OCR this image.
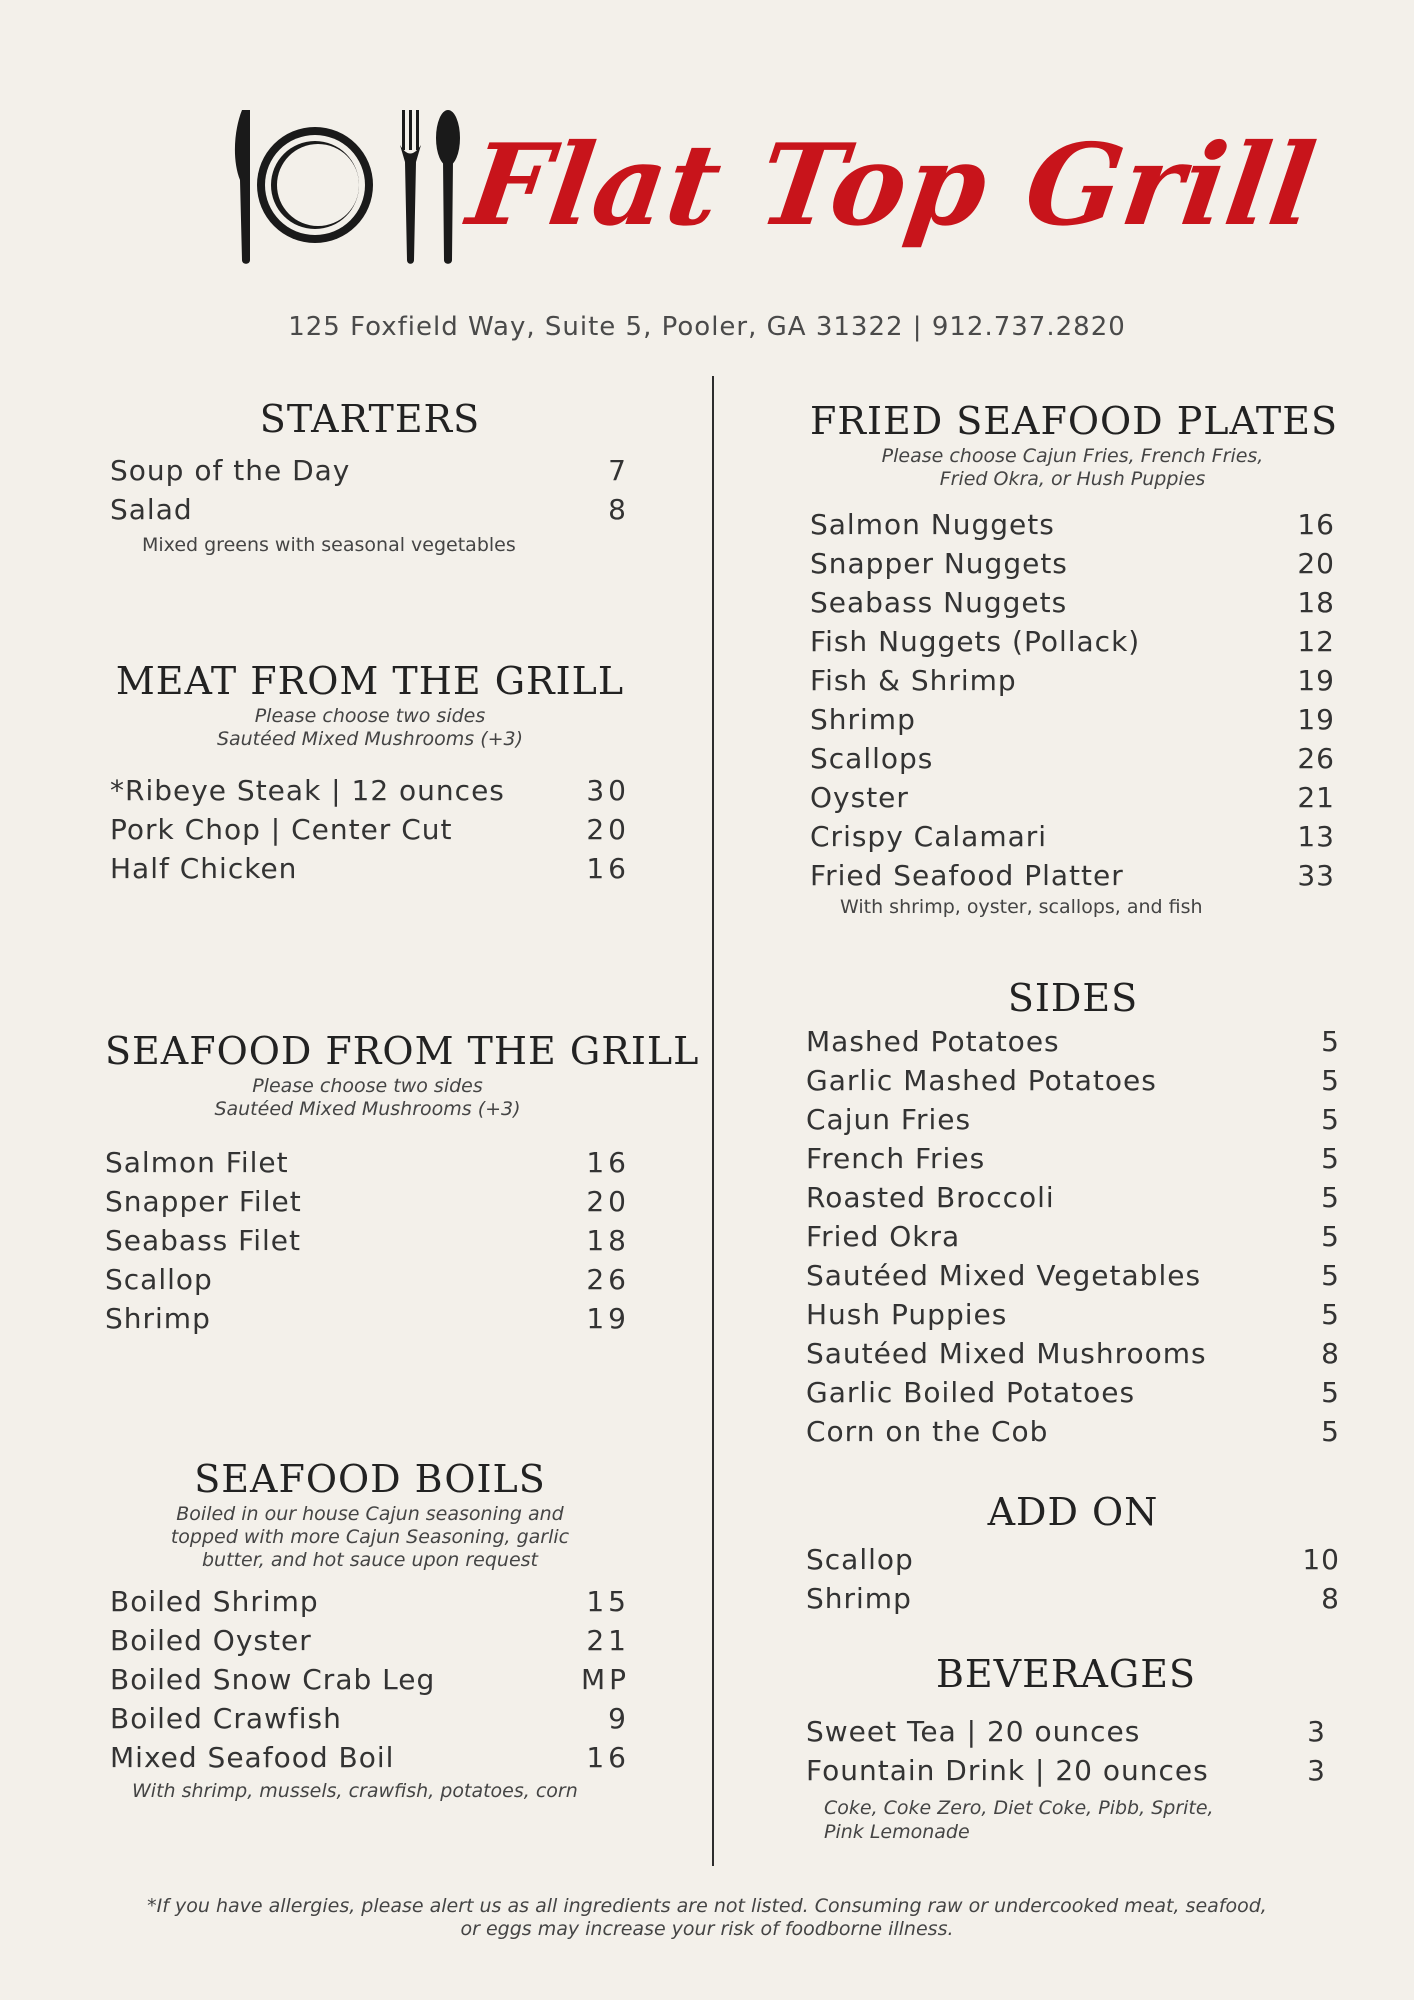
Flat Top Grill
125 Foxfield Way, Suite 5, Pooler, GA 31322 | 912.737.2820
STARTERS
Soup of the Day	7
Salad	8
Mixed greens with seasonal vegetables
MEAT FROM THE GRILL
Please choose two sides
Sautéed Mixed Mushrooms (+3)
*Ribeye Steak | 12 ounces	30
Pork Chop | Center Cut	20
Half Chicken	16
SEAFOOD FROM THE GRILL
Please choose two sides
Sautéed Mixed Mushrooms (+3)
Salmon Filet	16
Snapper Filet	20
Seabass Filet	18
Scallop	26
Shrimp	19
SEAFOOD BOILS
Boiled in our house Cajun seasoning and
topped with more Cajun Seasoning, garlic
butter, and hot sauce upon request
Boiled Shrimp	15
Boiled Oyster	21
Boiled Snow Crab Leg	MP
Boiled Crawfish	9
Mixed Seafood Boil	16
With shrimp, mussels, crawfish, potatoes, corn
FRIED SEAFOOD PLATES
Please choose Cajun Fries, French Fries,
Fried Okra, or Hush Puppies
Salmon Nuggets	16
Snapper Nuggets	20
Seabass Nuggets	18
Fish Nuggets (Pollack)	12
Fish & Shrimp	19
Shrimp	19
Scallops	26
Oyster	21
Crispy Calamari	13
Fried Seafood Platter	33
With shrimp, oyster, scallops, and fish
SIDES
Mashed Potatoes	5
Garlic Mashed Potatoes	5
Cajun Fries	5
French Fries	5
Roasted Broccoli	5
Fried Okra	5
Sautéed Mixed Vegetables	5
Hush Puppies	5
Sautéed Mixed Mushrooms	8
Garlic Boiled Potatoes	5
Corn on the Cob	5
ADD ON
Scallop	10
Shrimp	8
BEVERAGES
Sweet Tea | 20 ounces	3
Fountain Drink | 20 ounces	3
Coke, Coke Zero, Diet Coke, Pibb, Sprite,
Pink Lemonade
*If you have allergies, please alert us as all ingredients are not listed. Consuming raw or undercooked meat, seafood,
or eggs may increase your risk of foodborne illness.
